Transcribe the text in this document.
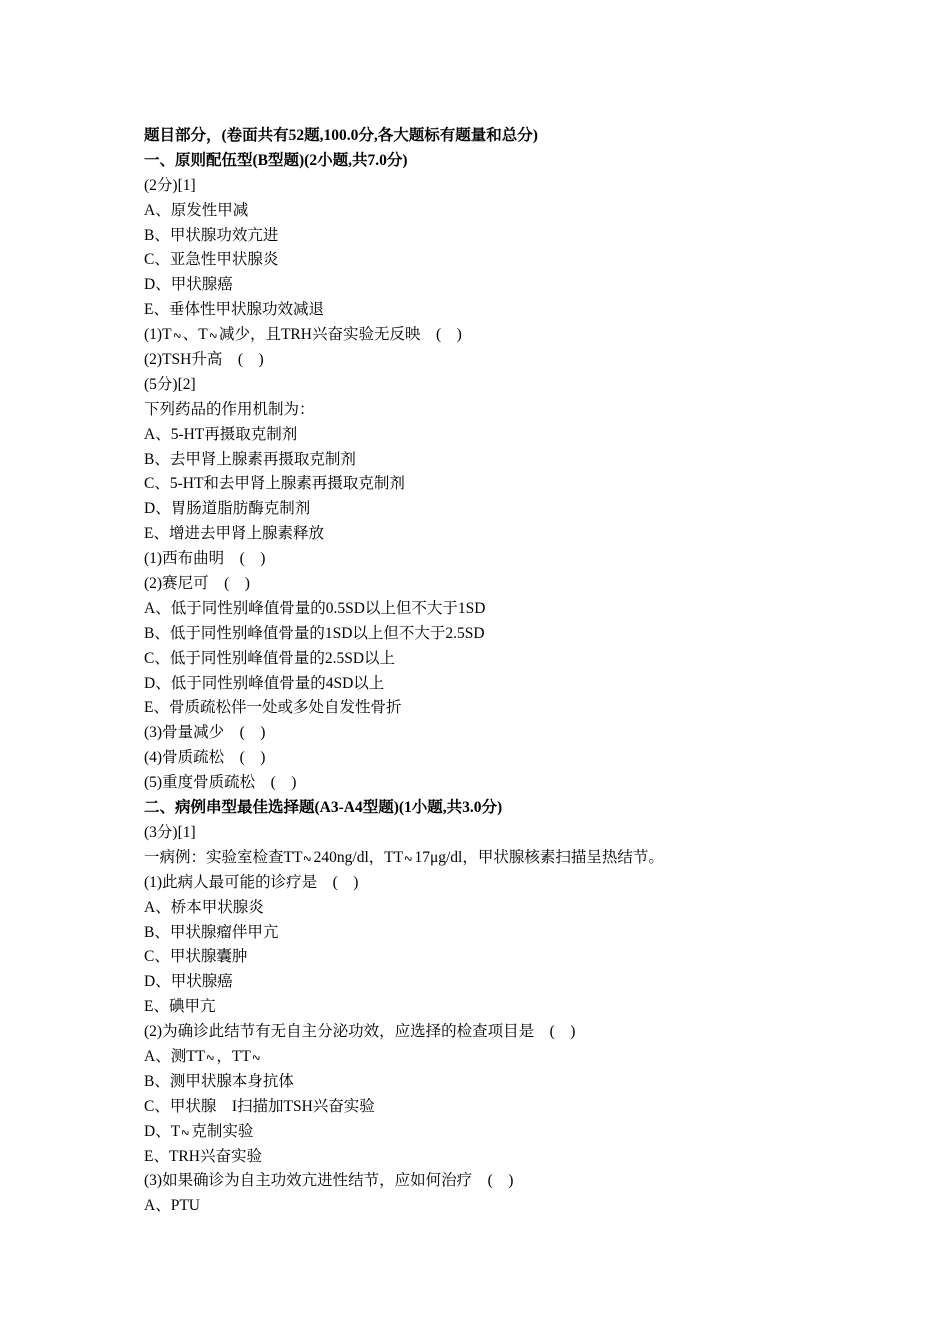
题目部分，(卷面共有52题,100.0分,各大题标有题量和总分)
一、原则配伍型(B型题)(2小题,共7.0分)
(2分)[1]
A、原发性甲减
B、甲状腺功效亢进
C、亚急性甲状腺炎
D、甲状腺癌
E、垂体性甲状腺功效减退
(1)T∿、T∿减少，且TRH兴奋实验无反映　(　)
(2)TSH升高　(　)
(5分)[2]
下列药品的作用机制为：
A、5-HT再摄取克制剂
B、去甲肾上腺素再摄取克制剂
C、5-HT和去甲肾上腺素再摄取克制剂
D、胃肠道脂肪酶克制剂
E、增进去甲肾上腺素释放
(1)西布曲明　(　)
(2)赛尼可　(　)
A、低于同性别峰值骨量的0.5SD以上但不大于1SD
B、低于同性别峰值骨量的1SD以上但不大于2.5SD
C、低于同性别峰值骨量的2.5SD以上
D、低于同性别峰值骨量的4SD以上
E、骨质疏松伴一处或多处自发性骨折
(3)骨量减少　(　)
(4)骨质疏松　(　)
(5)重度骨质疏松　(　)
二、病例串型最佳选择题(A3-A4型题)(1小题,共3.0分)
(3分)[1]
一病例：实验室检查TT∿240ng/dl，TT∿17μg/dl，甲状腺核素扫描呈热结节。
(1)此病人最可能的诊疗是　(　)
A、桥本甲状腺炎
B、甲状腺瘤伴甲亢
C、甲状腺囊肿
D、甲状腺癌
E、碘甲亢
(2)为确诊此结节有无自主分泌功效，应选择的检查项目是　(　)
A、测TT∿，TT∿
B、测甲状腺本身抗体
C、甲状腺　I扫描加TSH兴奋实验
D、T∿克制实验
E、TRH兴奋实验
(3)如果确诊为自主功效亢进性结节，应如何治疗　(　)
A、PTU
